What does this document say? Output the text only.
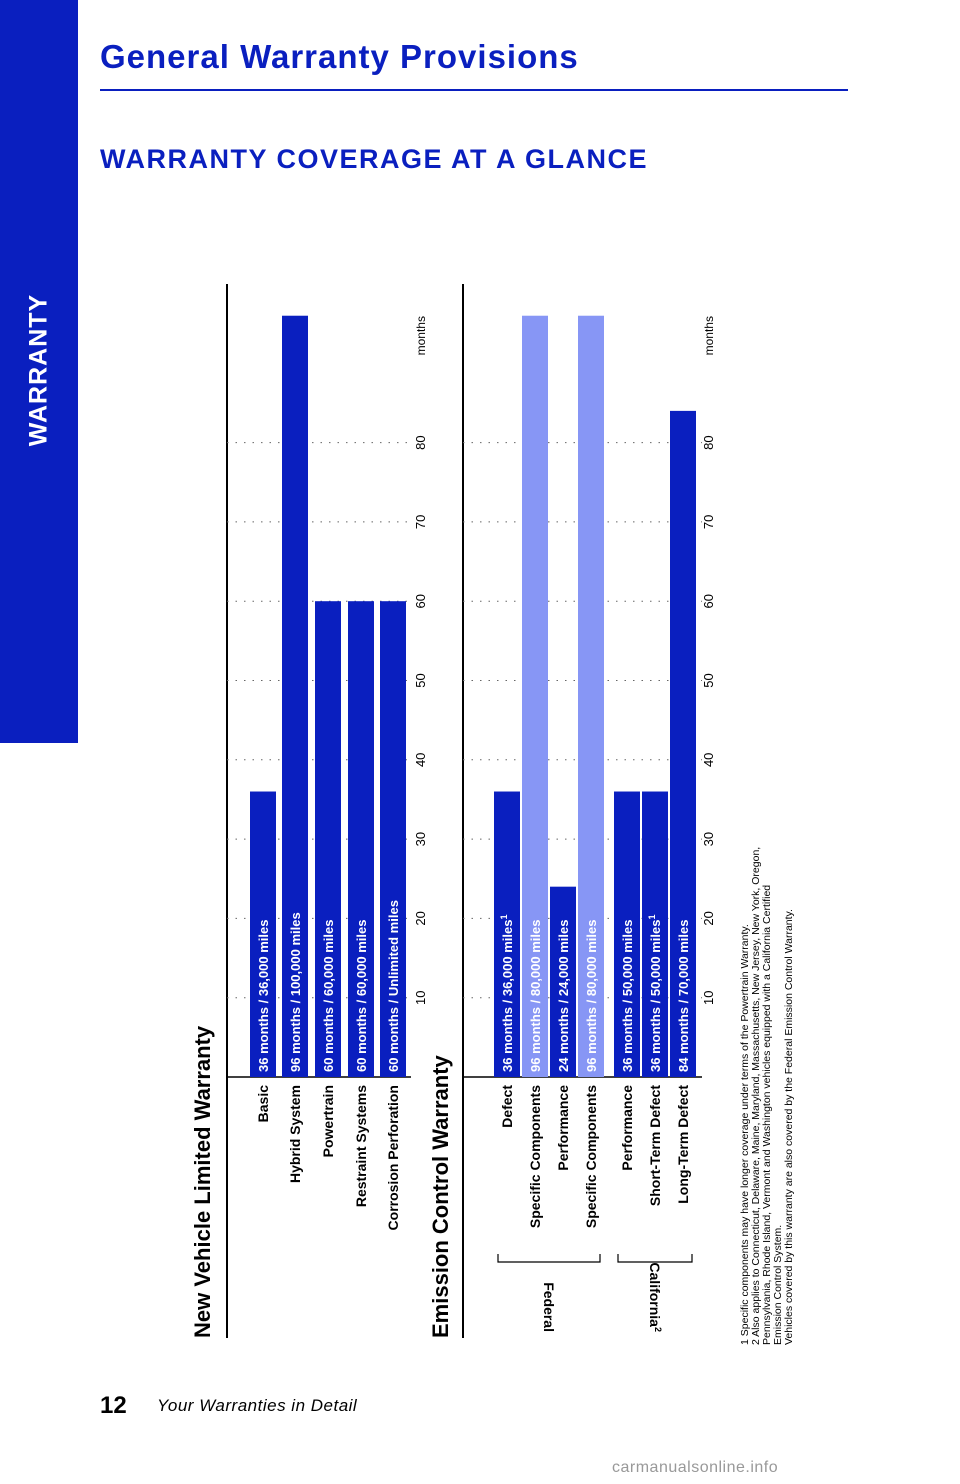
WARRANTY
General Warranty Provisions
WARRANTY COVERAGE AT A GLANCE
New Vehicle Limited Warranty
10
20
30
40
50
60
70
80
months
36 months / 36,000 miles
Basic
96 months / 100,000 miles
Hybrid System
60 months / 60,000 miles
Powertrain
60 months / 60,000 miles
Restraint Systems
60 months / Unlimited miles
Corrosion Perforation Emission Control Warranty
10
20
30
40
50
60
70
80
months
36 months / 36,000 miles$^1$
Defect
96 months / 80,000 miles
Specific Components
24 months / 24,000 miles
Performance
96 months / 80,000 miles
Specific Components
36 months / 50,000 miles
Performance
36 months / 50,000 miles$^1$
Short-Term Defect
84 months / 70,000 miles
Long-Term Defect
Federal	California$^2$	1 Specific components may have longer coverage under terms of the Powertrain Warranty. 2 Also applies to Connecticut, Delaware, Maine, Maryland, Massachusetts, New Jersey, New York, Oregon, Pennsylvania, Rhode Island, Vermont and Washington vehicles equipped with a California Certified Emission Control System. Vehicles covered by this warranty are also covered by the Federal Emission Control Warranty.
12 Your Warranties in Detail
carmanualsonline.info
